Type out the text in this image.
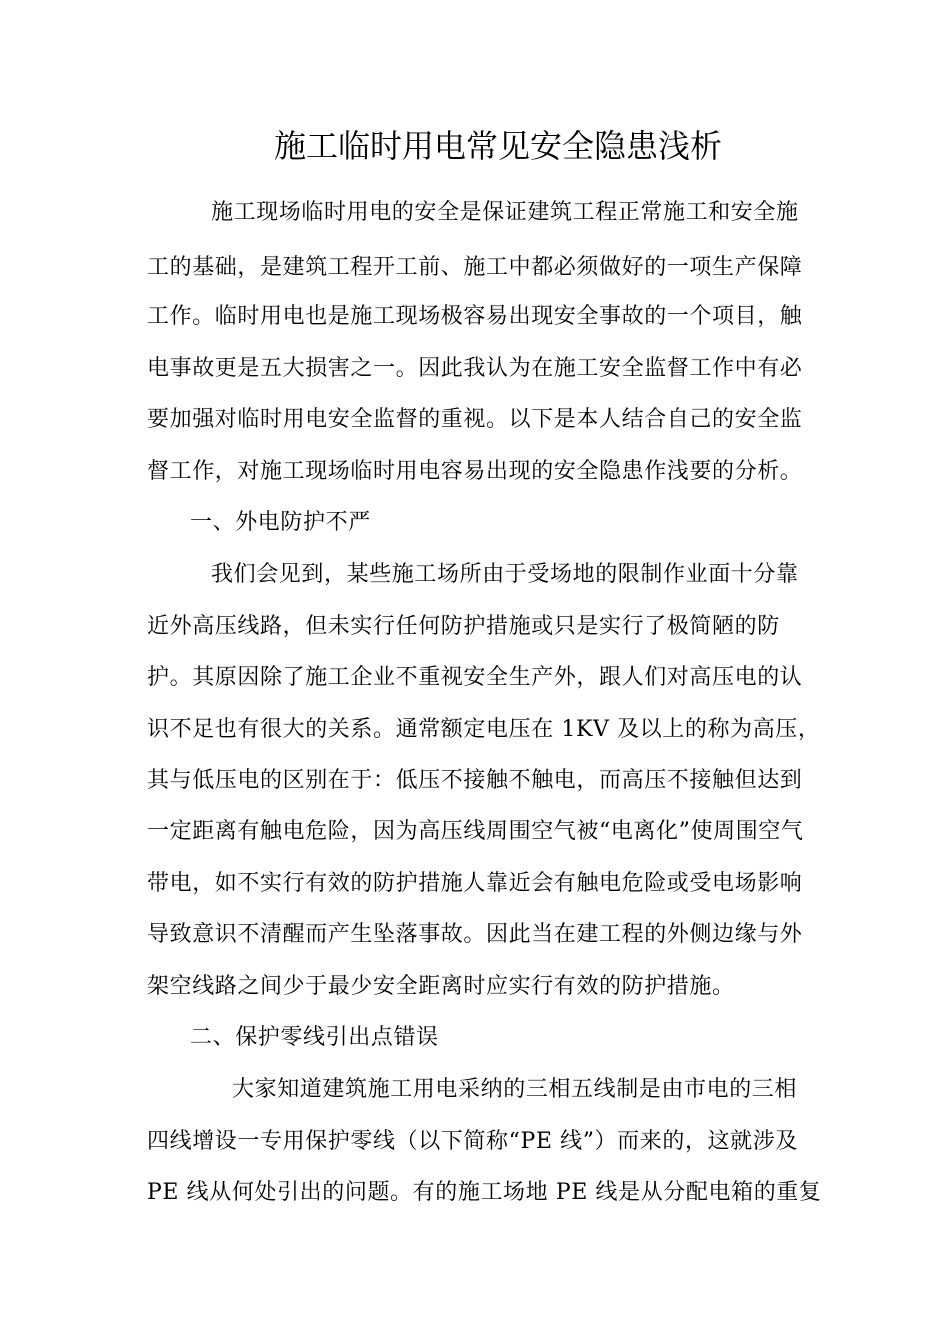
施工临时用电常见安全隐患浅析
施工现场临时用电的安全是保证建筑工程正常施工和安全施
工的基础，是建筑工程开工前、施工中都必须做好的一项生产保障
工作。临时用电也是施工现场极容易出现安全事故的一个项目，触
电事故更是五大损害之一。因此我认为在施工安全监督工作中有必
要加强对临时用电安全监督的重视。以下是本人结合自己的安全监
督工作，对施工现场临时用电容易出现的安全隐患作浅要的分析。
一、外电防护不严
我们会见到，某些施工场所由于受场地的限制作业面十分靠
近外高压线路，但未实行任何防护措施或只是实行了极简陋的防
护。其原因除了施工企业不重视安全生产外，跟人们对高压电的认
识不足也有很大的关系。通常额定电压在 1KV 及以上的称为高压，
其与低压电的区别在于：低压不接触不触电，而高压不接触但达到
一定距离有触电危险，因为高压线周围空气被“电离化”使周围空气
带电，如不实行有效的防护措施人靠近会有触电危险或受电场影响
导致意识不清醒而产生坠落事故。因此当在建工程的外侧边缘与外
架空线路之间少于最少安全距离时应实行有效的防护措施。
二、保护零线引出点错误
大家知道建筑施工用电采纳的三相五线制是由市电的三相
四线增设一专用保护零线（以下简称“PE 线”）而来的，这就涉及
PE 线从何处引出的问题。有的施工场地 PE 线是从分配电箱的重复
